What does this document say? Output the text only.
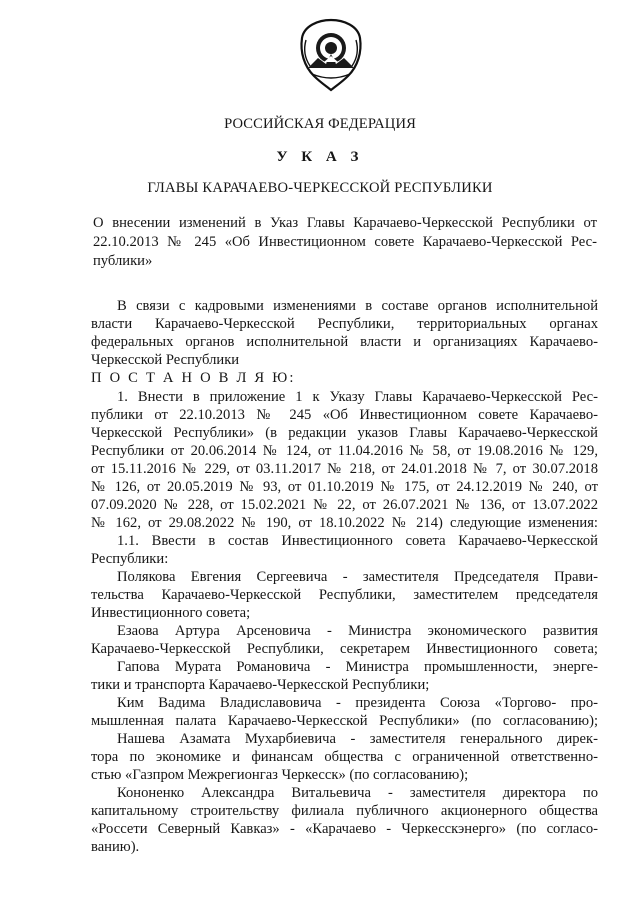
РОССИЙСКАЯ ФЕДЕРАЦИЯ
У К А З
ГЛАВЫ КАРАЧАЕВО-ЧЕРКЕССКОЙ РЕСПУБЛИКИ
О внесении изменений в Указ Главы Карачаево-Черкесской Республики от
22.10.2013 № 245 «Об Инвестиционном совете Карачаево-Черкесской Рес-
публики»
В связи с кадровыми изменениями в составе органов исполнительной
власти Карачаево-Черкесской Республики, территориальных органах
федеральных органов исполнительной власти и организациях Карачаево-
Черкесской Республики
П О С Т А Н О В Л Я Ю:
1. Внести в приложение 1 к Указу Главы Карачаево-Черкесской Рес-
публики от 22.10.2013 № 245 «Об Инвестиционном совете Карачаево-
Черкесской Республики» (в редакции указов Главы Карачаево-Черкесской
Республики от 20.06.2014 № 124, от 11.04.2016 № 58, от 19.08.2016 № 129,
от 15.11.2016 № 229, от 03.11.2017 № 218, от 24.01.2018 № 7, от 30.07.2018
№ 126, от 20.05.2019 № 93, от 01.10.2019 № 175, от 24.12.2019 № 240, от
07.09.2020 № 228, от 15.02.2021 № 22, от 26.07.2021 № 136, от 13.07.2022
№ 162, от 29.08.2022 № 190, от 18.10.2022 № 214) следующие изменения:
1.1. Ввести в состав Инвестиционного совета Карачаево-Черкесской
Республики:
Полякова Евгения Сергеевича - заместителя Председателя Прави-
тельства Карачаево-Черкесской Республики, заместителем председателя
Инвестиционного совета;
Езаова Артура Арсеновича - Министра экономического развития
Карачаево-Черкесской Республики, секретарем Инвестиционного совета;
Гапова Мурата Романовича - Министра промышленности, энерге-
тики и транспорта Карачаево-Черкесской Республики;
Ким Вадима Владиславовича - президента Союза «Торгово- про-
мышленная палата Карачаево-Черкесской Республики» (по согласованию);
Нашева Азамата Мухарбиевича - заместителя генерального дирек-
тора по экономике и финансам общества с ограниченной ответственно-
стью «Газпром Межрегионгаз Черкесск» (по согласованию);
Кононенко Александра Витальевича - заместителя директора по
капитальному строительству филиала публичного акционерного общества
«Россети Северный Кавказ» - «Карачаево - Черкесскэнерго» (по согласо-
ванию).
